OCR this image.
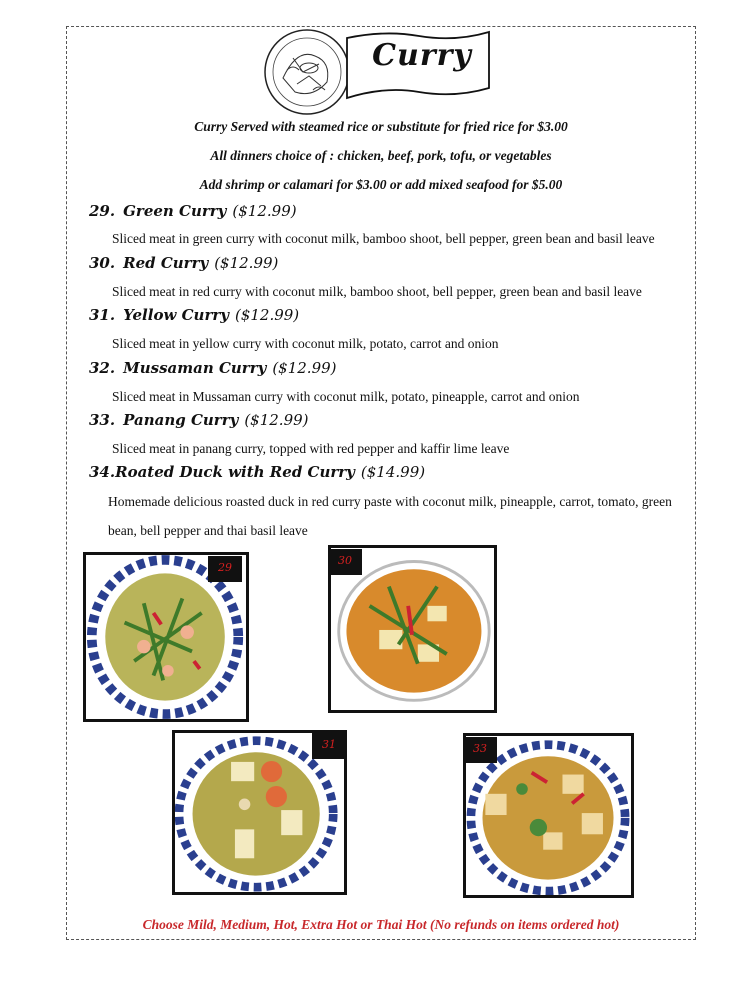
Curry
Curry Served with steamed rice or substitute for fried rice for $3.00
All dinners choice of : chicken, beef, pork, tofu, or vegetables
Add shrimp or calamari for $3.00 or add mixed seafood for $5.00
29. Green Curry ($12.99)
Sliced meat in green curry with coconut milk, bamboo shoot, bell pepper, green bean and basil leave
30. Red Curry ($12.99)
Sliced meat in red curry with coconut milk, bamboo shoot, bell pepper, green bean and basil leave
31. Yellow Curry ($12.99)
Sliced meat in yellow curry with coconut milk, potato, carrot and onion
32. Mussaman Curry ($12.99)
Sliced meat in Mussaman curry with coconut milk, potato, pineapple, carrot and onion
33. Panang Curry ($12.99)
Sliced meat in panang curry, topped with red pepper and kaffir lime leave
34.Roated Duck with Red Curry ($14.99)
Homemade delicious roasted duck in red curry paste with coconut milk, pineapple, carrot, tomato, green bean, bell pepper and thai basil leave
29
30
31	33
Choose Mild, Medium, Hot, Extra Hot or Thai Hot (No refunds on items ordered hot)
